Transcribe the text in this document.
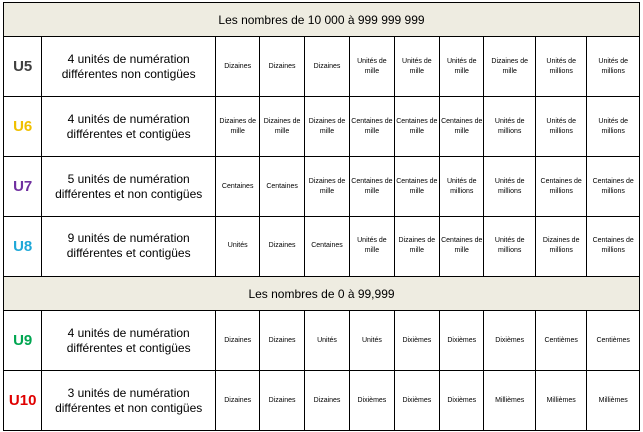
Les nombres de 10 000 à 999 999 999										
U5	4 unités de numération différentes non contigües	Dizaines	Dizaines	Dizaines	Unités de mille	Unités de mille	Unités de mille	Dizaines de mille	Unités de millions	Unités de millions
U6	4 unités de numération différentes et contigües	Dizaines de mille	Dizaines de mille	Dizaines de mille	Centaines de mille	Centaines de mille	Centaines de mille	Unités de millions	Unités de millions	Unités de millions
U7	5 unités de numération différentes et non contigües	Centaines	Centaines	Dizaines de mille	Centaines de mille	Centaines de mille	Unités de millions	Unités de millions	Centaines de millions	Centaines de millions
U8	9 unités de numération différentes et contigües	Unités	Dizaines	Centaines	Unités de mille	Dizaines de mille	Centaines de mille	Unités de millions	Dizaines de millions	Centaines de millions
Les nombres de 0 à 99,999										
U9	4 unités de numération différentes et contigües	Dizaines	Dizaines	Unités	Unités	Dixièmes	Dixièmes	Dixièmes	Centièmes	Centièmes
U10	3 unités de numération différentes et non contigües	Dizaines	Dizaines	Dizaines	Dixièmes	Dixièmes	Dixièmes	Millièmes	Millièmes	Millièmes
